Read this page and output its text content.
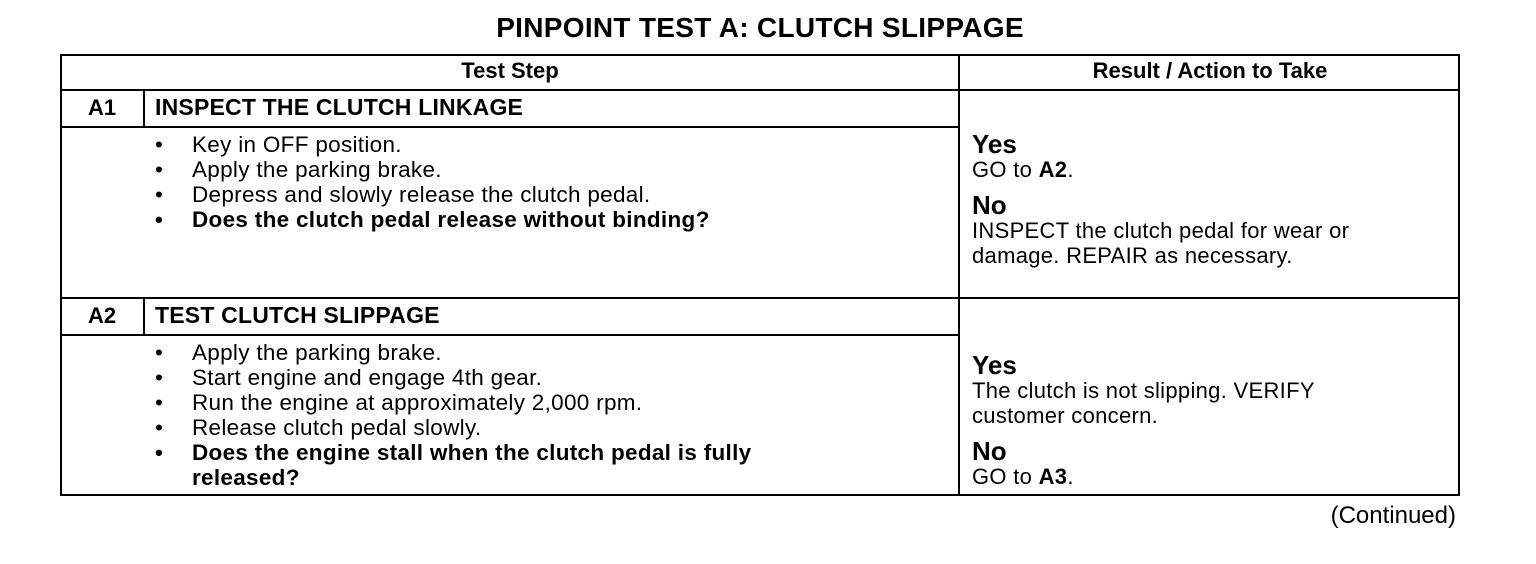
PINPOINT TEST A: CLUTCH SLIPPAGE
Test Step	Result / Action to Take
A1	INSPECT THE CLUTCH LINKAGE
• Key in OFF position.
• Apply the parking brake.
• Depress and slowly release the clutch pedal.
• Does the clutch pedal release without binding?
Yes
GO to A2.
No
INSPECT the clutch pedal for wear or damage. REPAIR as necessary.
A2	TEST CLUTCH SLIPPAGE
• Apply the parking brake.
• Start engine and engage 4th gear.
• Run the engine at approximately 2,000 rpm.
• Release clutch pedal slowly.
• Does the engine stall when the clutch pedal is fully
released?
Yes
The clutch is not slipping. VERIFY customer concern.
No
GO to A3.
(Continued)
